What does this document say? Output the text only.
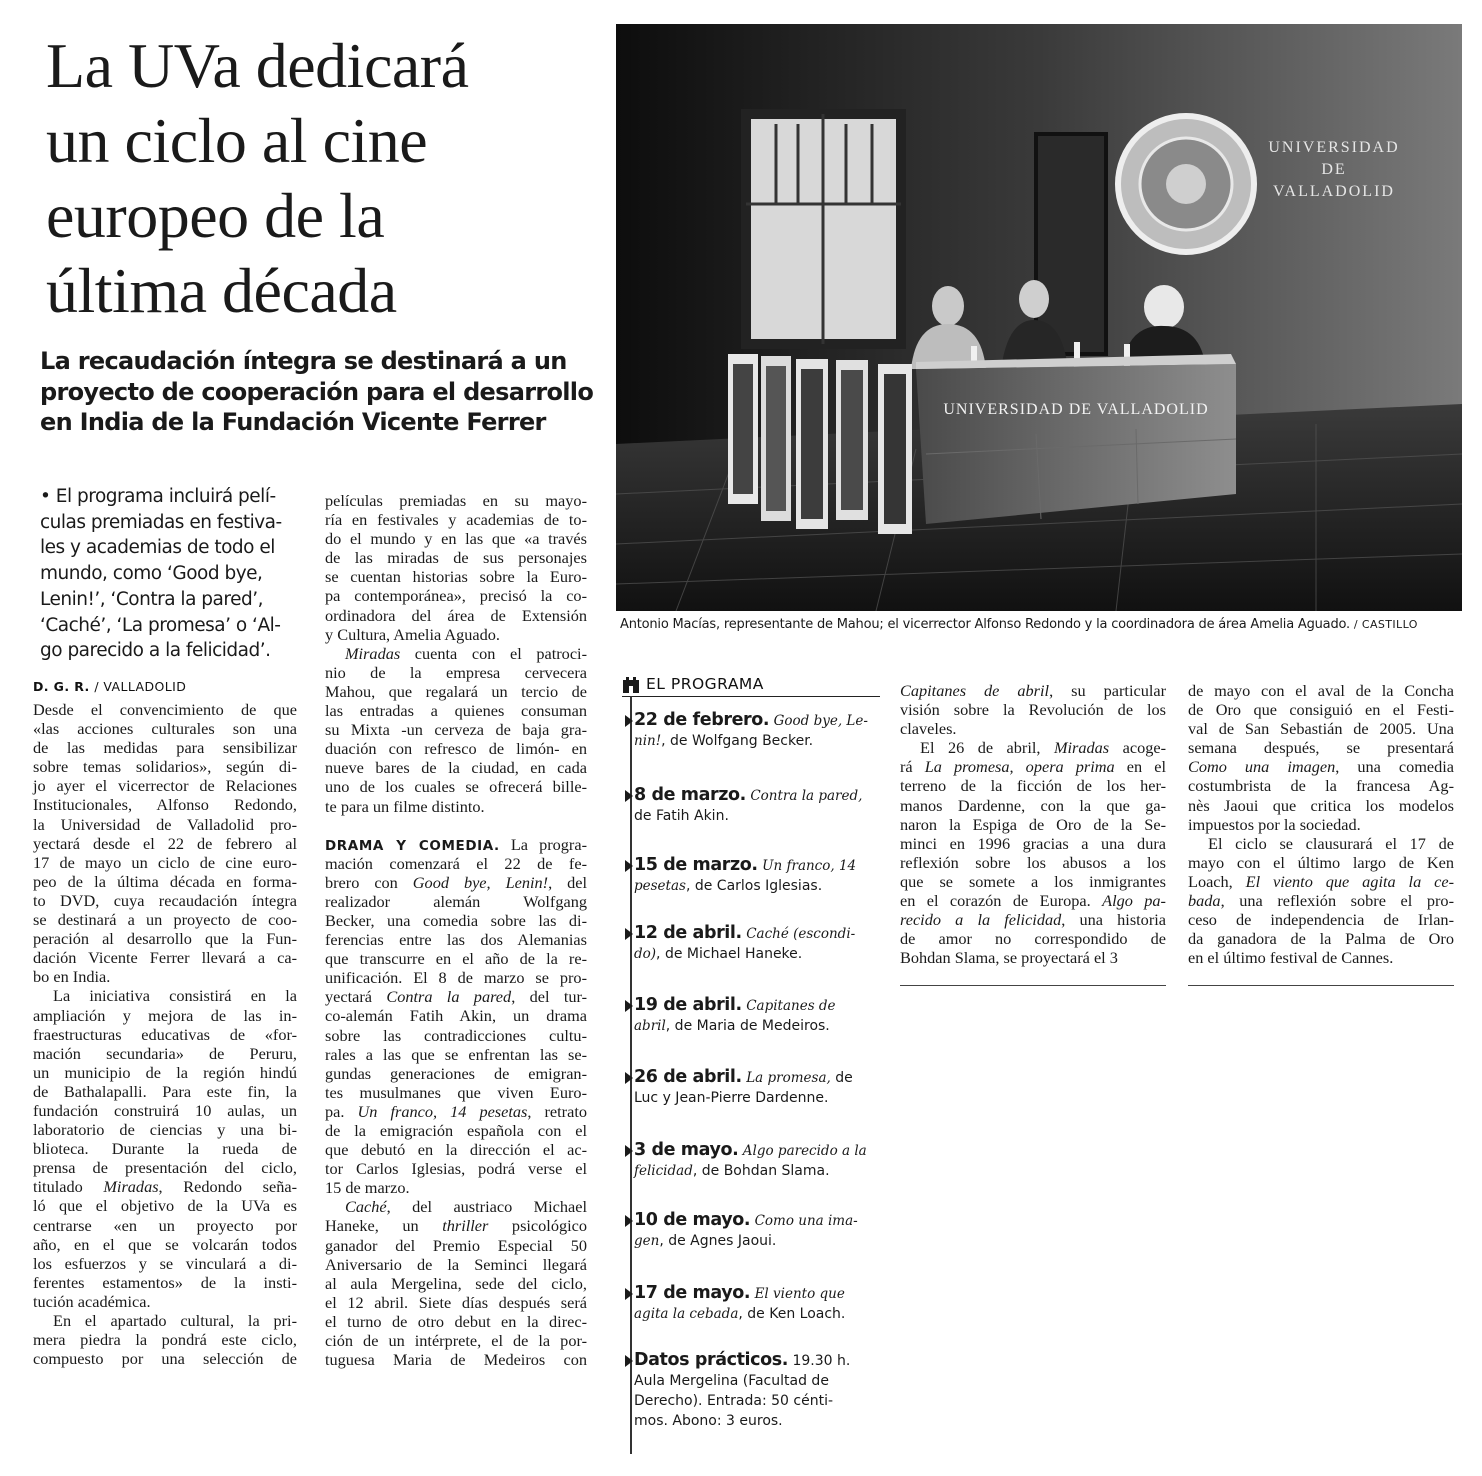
La UVa dedicará
un ciclo al cine
europeo de la
última década
La recaudación íntegra se destinará a un
proyecto de cooperación para el desarrollo
en India de la Fundación Vicente Ferrer
• El programa incluirá pelí-
culas premiadas en festiva-
les y academias de todo el
mundo, como ‘Good bye,
Lenin!’, ‘Contra la pared’,
‘Caché’, ‘La promesa’ o ‘Al-
go parecido a la felicidad’.
D. G. R. / VALLADOLID
Desde el convencimiento de que
«las acciones culturales son una
de las medidas para sensibilizar
sobre temas solidarios», según di-
jo ayer el vicerrector de Relaciones
Institucionales, Alfonso Redondo,
la Universidad de Valladolid pro-
yectará desde el 22 de febrero al
17 de mayo un ciclo de cine euro-
peo de la última década en forma-
to DVD, cuya recaudación íntegra
se destinará a un proyecto de coo-
peración al desarrollo que la Fun-
dación Vicente Ferrer llevará a ca-
bo en India.
La iniciativa consistirá en la
ampliación y mejora de las in-
fraestructuras educativas de «for-
mación secundaria» de Peruru,
un municipio de la región hindú
de Bathalapalli. Para este fin, la
fundación construirá 10 aulas, un
laboratorio de ciencias y una bi-
blioteca. Durante la rueda de
prensa de presentación del ciclo,
titulado Miradas, Redondo seña-
ló que el objetivo de la UVa es
centrarse «en un proyecto por
año, en el que se volcarán todos
los esfuerzos y se vinculará a di-
ferentes estamentos» de la insti-
tución académica.
En el apartado cultural, la pri-
mera piedra la pondrá este ciclo,
compuesto por una selección de
películas premiadas en su mayo-
ría en festivales y academias de to-
do el mundo y en las que «a través
de las miradas de sus personajes
se cuentan historias sobre la Euro-
pa contemporánea», precisó la co-
ordinadora del área de Extensión
y Cultura, Amelia Aguado.
Miradas cuenta con el patroci-
nio de la empresa cervecera
Mahou, que regalará un tercio de
las entradas a quienes consuman
su Mixta -un cerveza de baja gra-
duación con refresco de limón- en
nueve bares de la ciudad, en cada
uno de los cuales se ofrecerá bille-
te para un filme distinto.
DRAMA Y COMEDIA. La progra-
mación comenzará el 22 de fe-
brero con Good bye, Lenin!, del
realizador alemán Wolfgang
Becker, una comedia sobre las di-
ferencias entre las dos Alemanias
que transcurre en el año de la re-
unificación. El 8 de marzo se pro-
yectará Contra la pared, del tur-
co-alemán Fatih Akin, un drama
sobre las contradicciones cultu-
rales a las que se enfrentan las se-
gundas generaciones de emigran-
tes musulmanes que viven Euro-
pa. Un franco, 14 pesetas, retrato
de la emigración española con el
que debutó en la dirección el ac-
tor Carlos Iglesias, podrá verse el
15 de marzo.
Caché, del austriaco Michael
Haneke, un thriller psicológico
ganador del Premio Especial 50
Aniversario de la Seminci llegará
al aula Mergelina, sede del ciclo,
el 12 abril. Siete días después será
el turno de otro debut en la direc-
ción de un intérprete, el de la por-
tuguesa Maria de Medeiros con
Capitanes de abril, su particular
visión sobre la Revolución de los
claveles.
El 26 de abril, Miradas acoge-
rá La promesa, opera prima en el
terreno de la ficción de los her-
manos Dardenne, con la que ga-
naron la Espiga de Oro de la Se-
minci en 1996 gracias a una dura
reflexión sobre los abusos a los
que se somete a los inmigrantes
en el corazón de Europa. Algo pa-
recido a la felicidad, una historia
de amor no correspondido de
Bohdan Slama, se proyectará el 3
de mayo con el aval de la Concha
de Oro que consiguió en el Festi-
val de San Sebastián de 2005. Una
semana después, se presentará
Como una imagen, una comedia
costumbrista de la francesa Ag-
nès Jaoui que critica los modelos
impuestos por la sociedad.
El ciclo se clausurará el 17 de
mayo con el último largo de Ken
Loach, El viento que agita la ce-
bada, una reflexión sobre el pro-
ceso de independencia de Irlan-
da ganadora de la Palma de Oro
en el último festival de Cannes.
UNIVERSIDAD
DE
VALLADOLID
UNIVERSIDAD DE VALLADOLID
Antonio Macías, representante de Mahou; el vicerrector Alfonso Redondo y la coordinadora de área Amelia Aguado. / CASTILLO
EL PROGRAMA
22 de febrero. Good bye, Le-
nin!, de Wolfgang Becker.
8 de marzo. Contra la pared,
de Fatih Akin.
15 de marzo. Un franco, 14
pesetas, de Carlos Iglesias.
12 de abril. Caché (escondi-
do), de Michael Haneke.
19 de abril. Capitanes de
abril, de Maria de Medeiros.
26 de abril. La promesa, de
Luc y Jean-Pierre Dardenne.
3 de mayo. Algo parecido a la
felicidad, de Bohdan Slama.
10 de mayo. Como una ima-
gen, de Agnes Jaoui.
17 de mayo. El viento que
agita la cebada, de Ken Loach.
Datos prácticos. 19.30 h.
Aula Mergelina (Facultad de
Derecho). Entrada: 50 cénti-
mos. Abono: 3 euros.
